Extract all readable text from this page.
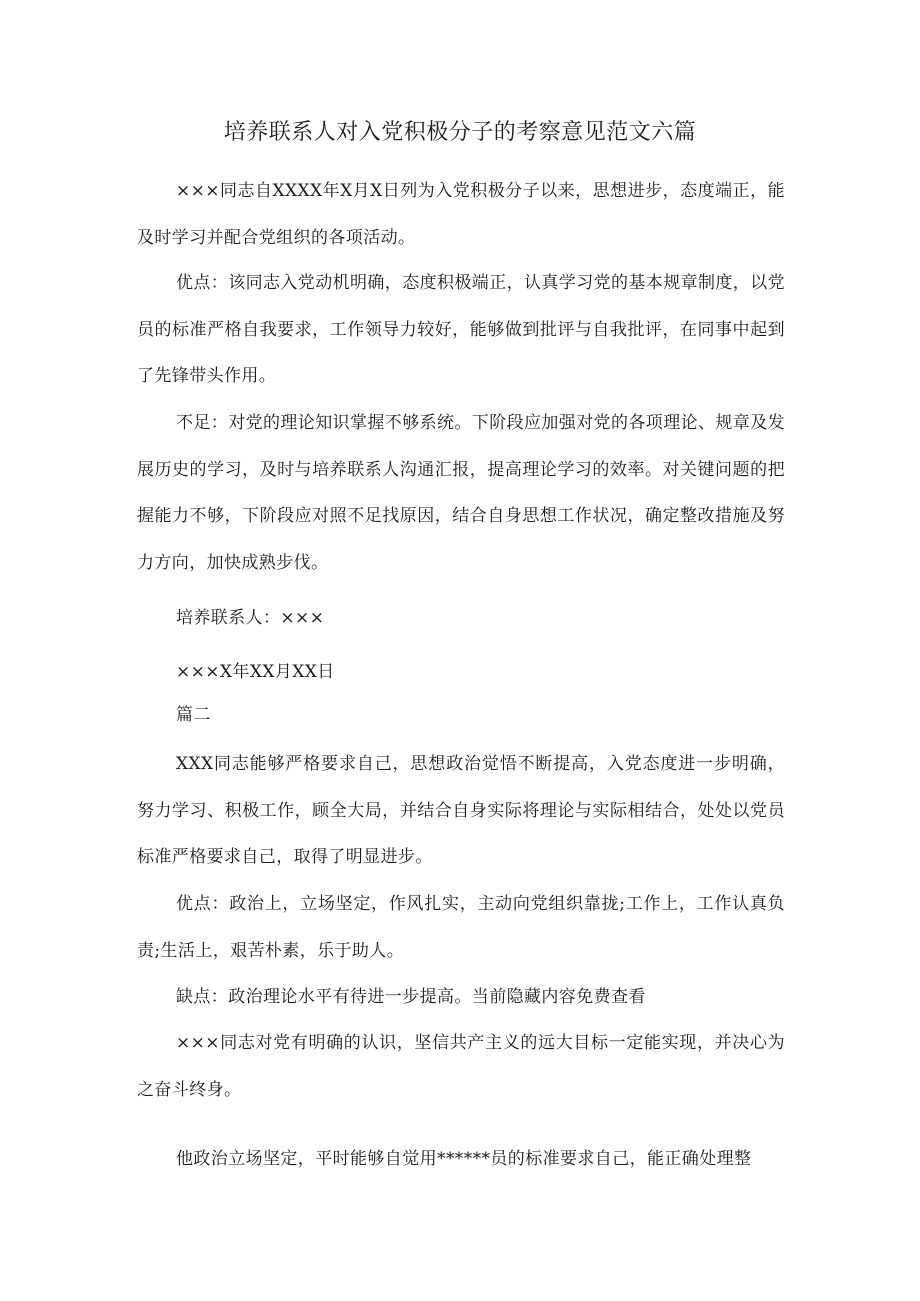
培养联系人对入党积极分子的考察意见范文六篇
×××同志自XXXX年X月X日列为入党积极分子以来，思想进步，态度端正，能及时学习并配合党组织的各项活动。
优点：该同志入党动机明确，态度积极端正，认真学习党的基本规章制度，以党员的标准严格自我要求，工作领导力较好，能够做到批评与自我批评，在同事中起到了先锋带头作用。
不足：对党的理论知识掌握不够系统。下阶段应加强对党的各项理论、规章及发展历史的学习，及时与培养联系人沟通汇报，提高理论学习的效率。对关键问题的把握能力不够，下阶段应对照不足找原因，结合自身思想工作状况，确定整改措施及努力方向，加快成熟步伐。
培养联系人：×××
×××X年XX月XX日
篇二
XXX同志能够严格要求自己，思想政治觉悟不断提高，入党态度进一步明确，努力学习、积极工作，顾全大局，并结合自身实际将理论与实际相结合，处处以党员标准严格要求自己，取得了明显进步。
优点：政治上，立场坚定，作风扎实，主动向党组织靠拢;工作上，工作认真负责;生活上，艰苦朴素，乐于助人。
缺点：政治理论水平有待进一步提高。当前隐藏内容免费查看
×××同志对党有明确的认识，坚信共产主义的远大目标一定能实现，并决心为之奋斗终身。
他政治立场坚定，平时能够自觉用******员的标准要求自己，能正确处理整
